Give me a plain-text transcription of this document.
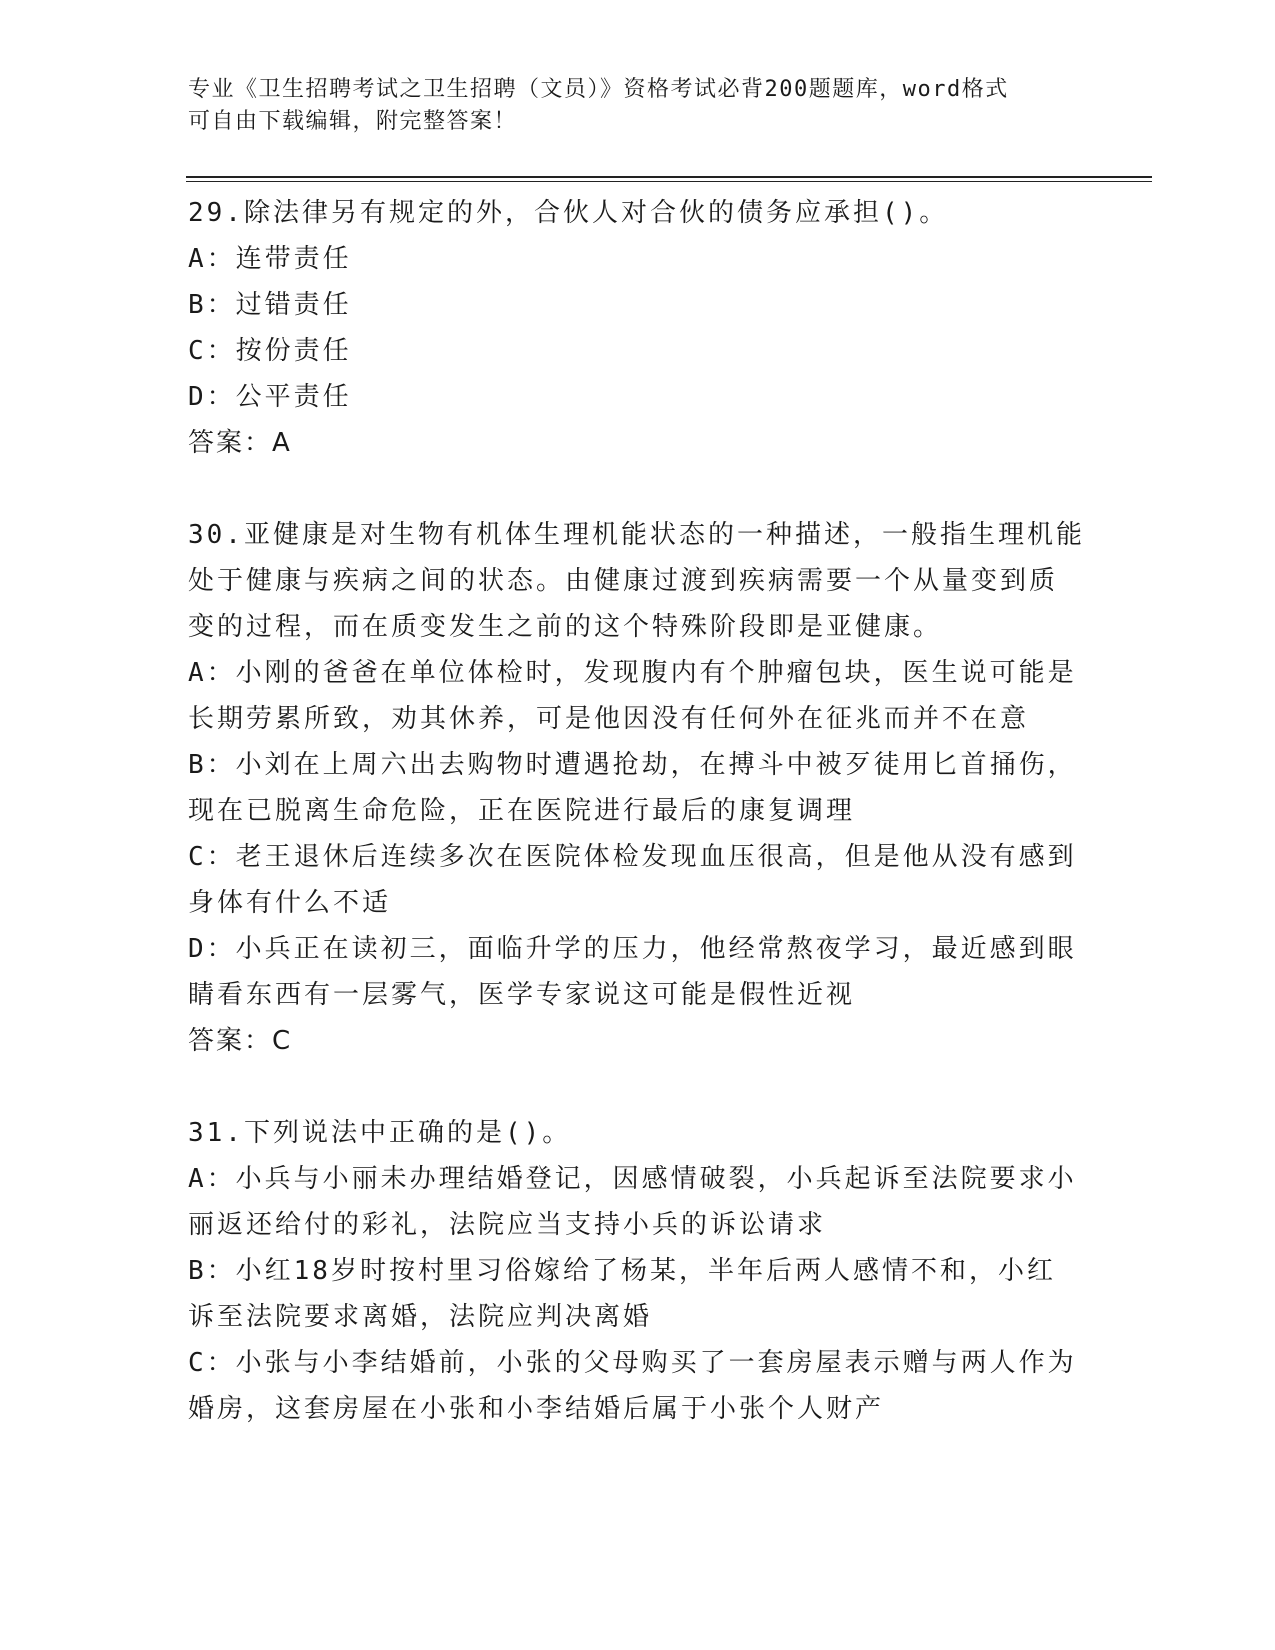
专业《卫生招聘考试之卫生招聘（文员）》资格考试必背200题题库，word格式
可自由下载编辑，附完整答案！
29.除法律另有规定的外，合伙人对合伙的债务应承担()。
A：连带责任
B：过错责任
C：按份责任
D：公平责任
答案：A
30.亚健康是对生物有机体生理机能状态的一种描述，一般指生理机能
处于健康与疾病之间的状态。由健康过渡到疾病需要一个从量变到质
变的过程，而在质变发生之前的这个特殊阶段即是亚健康。
A：小刚的爸爸在单位体检时，发现腹内有个肿瘤包块，医生说可能是
长期劳累所致，劝其休养，可是他因没有任何外在征兆而并不在意
B：小刘在上周六出去购物时遭遇抢劫，在搏斗中被歹徒用匕首捅伤，
现在已脱离生命危险，正在医院进行最后的康复调理
C：老王退休后连续多次在医院体检发现血压很高，但是他从没有感到
身体有什么不适
D：小兵正在读初三，面临升学的压力，他经常熬夜学习，最近感到眼
睛看东西有一层雾气，医学专家说这可能是假性近视
答案：C
31.下列说法中正确的是()。
A：小兵与小丽未办理结婚登记，因感情破裂，小兵起诉至法院要求小
丽返还给付的彩礼，法院应当支持小兵的诉讼请求
B：小红18岁时按村里习俗嫁给了杨某，半年后两人感情不和，小红
诉至法院要求离婚，法院应判决离婚
C：小张与小李结婚前，小张的父母购买了一套房屋表示赠与两人作为
婚房，这套房屋在小张和小李结婚后属于小张个人财产
